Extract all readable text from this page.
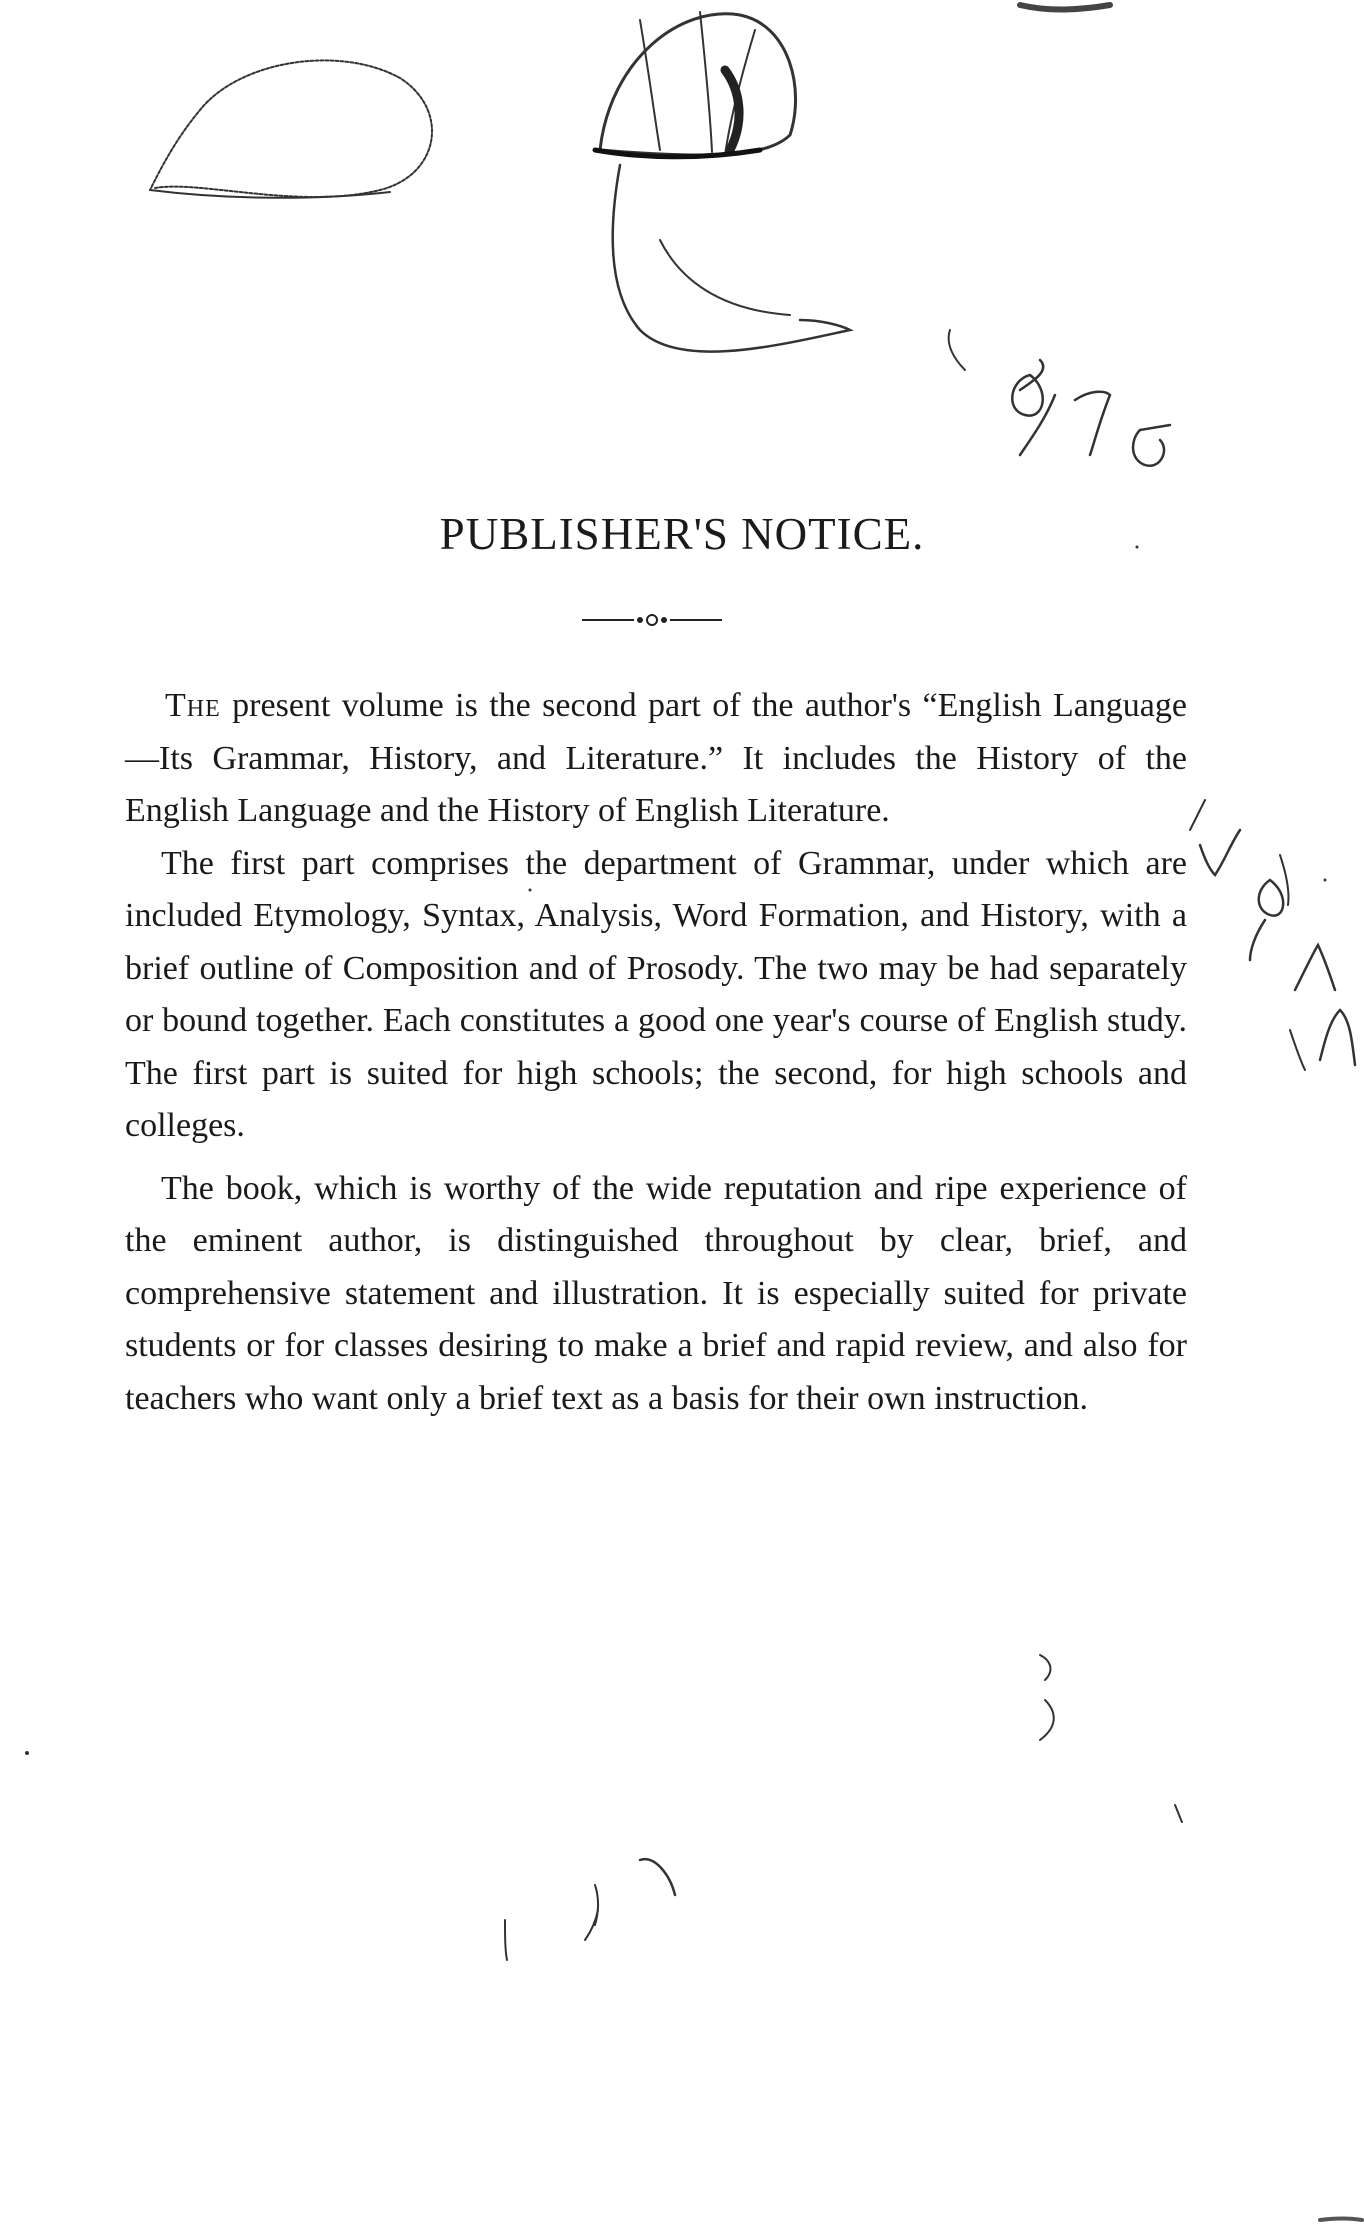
PUBLISHER'S NOTICE.

The present volume is the second part of the author's “English Language—Its Grammar, History, and Literature.” It includes the History of the English Language and the History of English Literature.

The first part comprises the department of Grammar, under which are included Etymology, Syntax, Analysis, Word Formation, and History, with a brief outline of Composition and of Prosody. The two may be had separately or bound together. Each constitutes a good one year's course of English study. The first part is suited for high schools; the second, for high schools and colleges.

The book, which is worthy of the wide reputation and ripe experience of the eminent author, is distinguished throughout by clear, brief, and comprehensive statement and illustration. It is especially suited for private students or for classes desiring to make a brief and rapid review, and also for teachers who want only a brief text as a basis for their own instruction.
